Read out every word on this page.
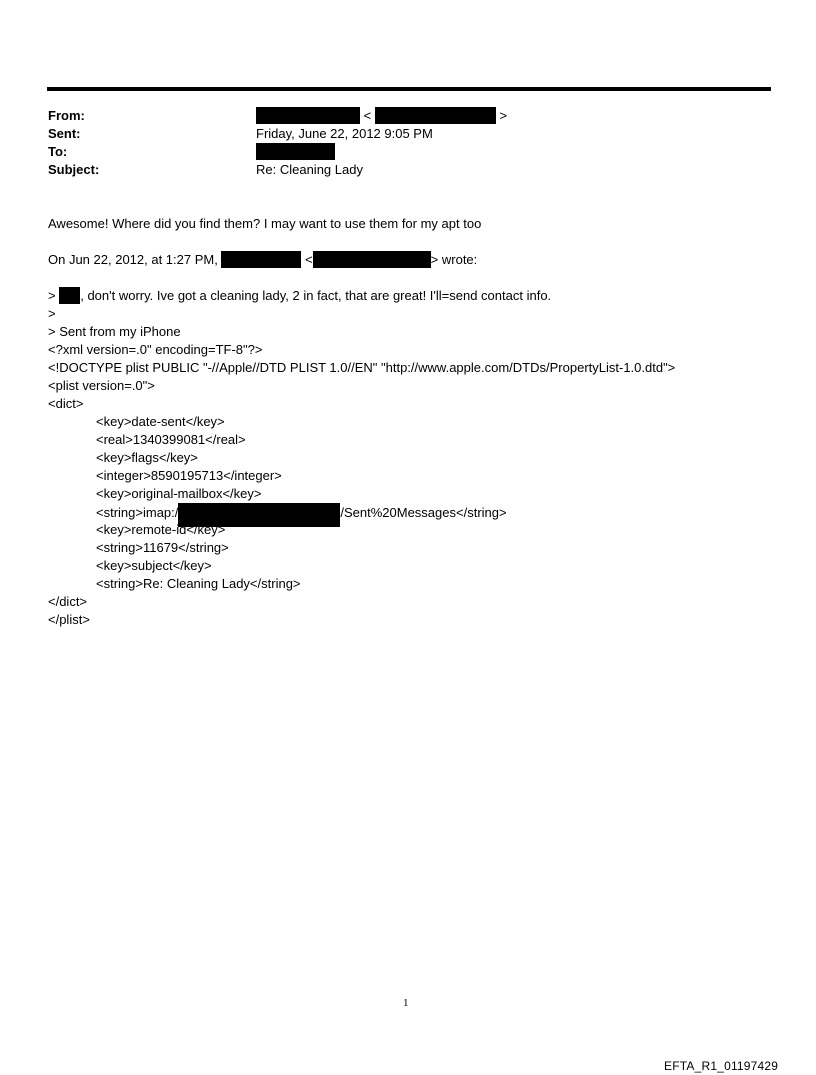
From:	<	>
Sent:	Friday, June 22, 2012 9:05 PM
To:
Subject:	Re: Cleaning Lady
Awesome! Where did you find them? I may want to use them for my apt too
On Jun 22, 2012, at 1:27 PM,	<	> wrote:
> , don't worry. Ive got a cleaning lady, 2 in fact, that are great! I'll=send contact info.
>
> Sent from my iPhone
<?xml version=.0" encoding=TF-8"?>
<!DOCTYPE plist PUBLIC "-//Apple//DTD PLIST 1.0//EN" "http://www.apple.com/DTDs/PropertyList-1.0.dtd">
<plist version=.0">
<dict>
<key>date-sent</key>
<real>1340399081</real>
<key>flags</key>
<integer>8590195713</integer>
<key>original-mailbox</key>
<string>imap:/	/Sent%20Messages</string>
<key>remote-id</key>
<string>11679</string>
<key>subject</key>
<string>Re: Cleaning Lady</string>
</dict>
</plist>
1
EFTA_R1_01197429
